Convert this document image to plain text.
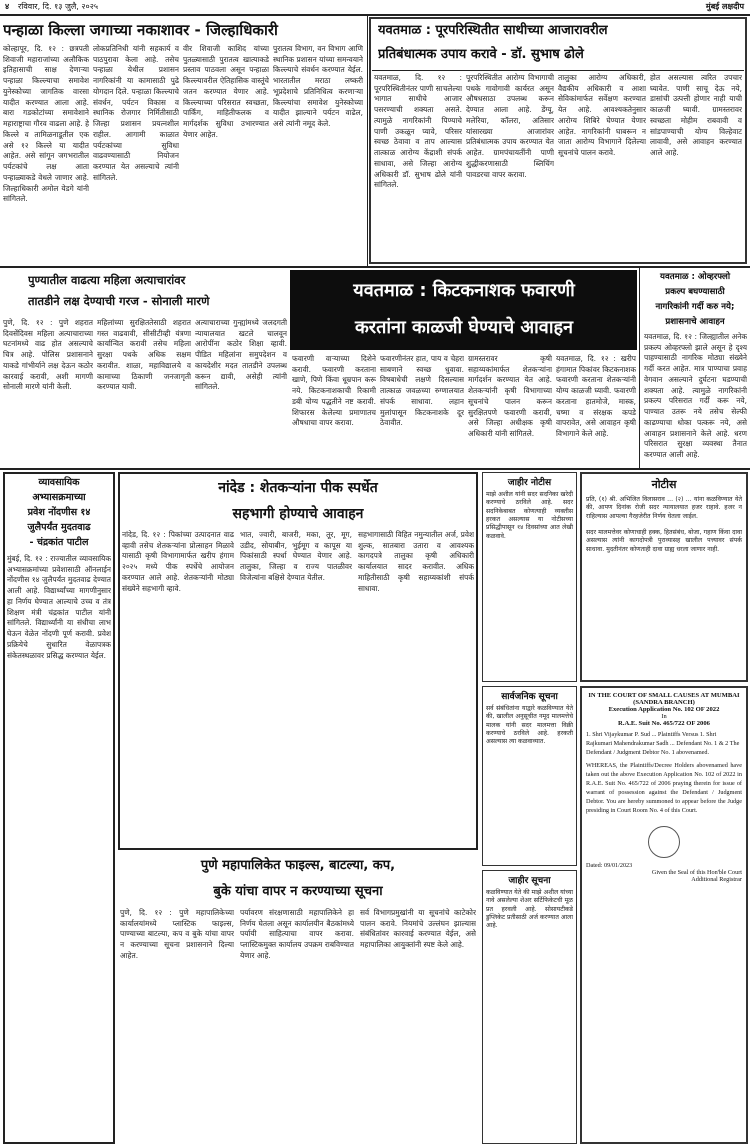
४ रविवार, दि. १३ जुलै, २०२५	मुंबई लक्षदीप
पन्हाळा किल्ला जगाच्या नकाशावर - जिल्हाधिकारी
कोल्हापूर, दि. १२ : छत्रपती शिवाजी महाराजांच्या अलौकिक इतिहासाची साक्ष देणाऱ्या पन्हाळा किल्ल्याचा समावेश युनेस्कोच्या जागतिक वारसा यादीत करण्यात आला आहे. बारा गडकोटांच्या समावेशाने महाराष्ट्राचा गौरव वाढला आहे. हे किल्ले व तामिळनाडूतील एक असे १२ किल्ले या यादीत आहेत. असे सांगून जगभरातील पर्यटकांचे लक्ष आता पन्हाळ्याकडे वेधले जाणार आहे. जिल्हाधिकारी अमोल येडगे यांनी सांगितले.
लोकप्रतिनिधी यांनी सहकार्य व पाठपुरावा केला आहे. तसेच पन्हाळा येथील प्रशासन नागरिकांनी या कामासाठी पुढे योगदान दिले. पन्हाळा किल्ल्याचे संवर्धन, पर्यटन विकास व स्थानिक रोजगार निर्मितीसाठी जिल्हा प्रशासन प्रयत्नशील राहील. आगामी काळात पर्यटकांच्या सुविधा वाढवण्यासाठी नियोजन करण्यात येत असल्याचे त्यांनी सांगितले.
वीर शिवाजी काशिद यांच्या पुतळ्यासाठी पुरातत्व खात्याकडे प्रस्ताव पाठवला असून पन्हाळा किल्ल्यावरील ऐतिहासिक वास्तूंचे जतन करण्यात येणार आहे. किल्ल्याच्या परिसरात स्वच्छता, पार्किंग, माहितीफलक व मार्गदर्शक सुविधा उभारण्यात येणार आहेत.
पुरातत्व विभाग, वन विभाग आणि स्थानिक प्रशासन यांच्या समन्वयाने किल्ल्याचे संवर्धन करण्यात येईल. भारतातील मराठा लष्करी भूप्रदेशाचे प्रतिनिधित्व करणाऱ्या किल्ल्यांचा समावेश युनेस्कोच्या यादीत झाल्याने पर्यटन वाढेल, असे त्यांनी नमूद केले.
यवतमाळ : पूरपरिस्थितीत साथीच्या आजारावरील
प्रतिबंधात्मक उपाय करावे - डॉ. सुभाष ढोले
यवतमाळ, दि. १२ : पूरपरिस्थितीनंतर पाणी साचलेल्या भागात साथीचे आजार पसरण्याची शक्यता असते. त्यामुळे नागरिकांनी पिण्याचे पाणी उकळून प्यावे, परिसर स्वच्छ ठेवावा व ताप आल्यास तात्काळ आरोग्य केंद्राशी संपर्क साधावा, असे जिल्हा आरोग्य अधिकारी डॉ. सुभाष ढोले यांनी सांगितले.
पूरपरिस्थितीत आरोग्य विभागाची पथके गावोगावी कार्यरत असून औषधसाठा उपलब्ध करून देण्यात आला आहे. डेंग्यू, मलेरिया, कॉलरा, अतिसार यांसारख्या आजारांवर प्रतिबंधात्मक उपाय करण्यात येत आहेत. ग्रामपंचायतींनी पाणी शुद्धीकरणासाठी ब्लिचिंग पावडरचा वापर करावा.
तालुका आरोग्य अधिकारी, वैद्यकीय अधिकारी व आशा सेविकांमार्फत सर्वेक्षण करण्यात येत आहे. आवश्यकतेनुसार आरोग्य शिबिरे घेण्यात येणार आहेत. नागरिकांनी घाबरून न जाता आरोग्य विभागाने दिलेल्या सूचनांचे पालन करावे.
होत असल्यास त्वरित उपचार घ्यावेत. पाणी साचू देऊ नये, डासांची उत्पत्ती होणार नाही याची काळजी घ्यावी. ग्रामस्तरावर स्वच्छता मोहीम राबवावी व सांडपाण्याची योग्य विल्हेवाट लावावी, असे आवाहन करण्यात आले आहे.
पुण्यातील वाढत्या महिला अत्याचारांवर
तातडीने लक्ष देण्याची गरज - सोनाली मारणे
पुणे, दि. १२ : पुणे शहरात दिवसेंदिवस महिला अत्याचाराच्या घटनांमध्ये वाढ होत असल्याचे चित्र आहे. पोलिस प्रशासनाने याकडे गांभीर्याने लक्ष देऊन कठोर कारवाई करावी, अशी मागणी सोनाली मारणे यांनी केली.
महिलांच्या सुरक्षिततेसाठी शहरात गस्त वाढवावी, सीसीटीव्ही यंत्रणा कार्यान्वित करावी तसेच महिला सुरक्षा पथके अधिक सक्षम करावीत. शाळा, महाविद्यालये व कामाच्या ठिकाणी जनजागृती करण्यात यावी.
अत्याचाराच्या गुन्ह्यांमध्ये जलदगती न्यायालयात खटले चालवून आरोपींना कठोर शिक्षा व्हावी. पीडित महिलांना समुपदेशन व कायदेशीर मदत तातडीने उपलब्ध करून द्यावी, असेही त्यांनी सांगितले.
यवतमाळ : किटकनाशक फवारणी
करतांना काळजी घेण्याचे आवाहन
फवारणी वाऱ्याच्या दिशेने करावी. फवारणी करताना खाणे, पिणे किंवा धूम्रपान करू नये. किटकनाशकाची रिकामी डबी योग्य पद्धतीने नष्ट करावी. शिफारस केलेल्या प्रमाणातच औषधाचा वापर करावा.
फवारणीनंतर हात, पाय व चेहरा साबणाने स्वच्छ धुवावा. विषबाधेची लक्षणे दिसल्यास तात्काळ जवळच्या रुग्णालयात संपर्क साधावा. लहान मुलांपासून किटकनाशके दूर ठेवावीत.
ग्रामस्तरावर कृषी सहाय्यकांमार्फत शेतकऱ्यांना मार्गदर्शन करण्यात येत आहे. शेतकऱ्यांनी कृषी विभागाच्या सूचनांचे पालन करून सुरक्षितपणे फवारणी करावी, असे जिल्हा अधीक्षक कृषी अधिकारी यांनी सांगितले.
यवतमाळ, दि. १२ : खरीप हंगामात पिकांवर किटकनाशक फवारणी करताना शेतकऱ्यांनी योग्य काळजी घ्यावी. फवारणी करताना हातमोजे, मास्क, चष्मा व संरक्षक कपडे वापरावेत, असे आवाहन कृषी विभागाने केले आहे.
यवतमाळ : ओव्हरफ्लो
प्रकल्प बघण्यासाठी
नागरिकांनी गर्दी करु नये;
प्रशासनाचे आवाहन
यवतमाळ, दि. १२ : जिल्ह्यातील अनेक प्रकल्प ओव्हरफ्लो झाले असून हे दृश्य पाहण्यासाठी नागरिक मोठ्या संख्येने गर्दी करत आहेत. मात्र पाण्याचा प्रवाह वेगवान असल्याने दुर्घटना घडण्याची शक्यता आहे. त्यामुळे नागरिकांनी प्रकल्प परिसरात गर्दी करू नये, पाण्यात उतरू नये तसेच सेल्फी काढण्याचा धोका पत्करू नये, असे आवाहन प्रशासनाने केले आहे. धरण परिसरात सुरक्षा व्यवस्था तैनात करण्यात आली आहे.
व्यावसायिक
अभ्यासक्रमाच्या
प्रवेश नोंदणीस १४
जुलैपर्यंत मुदतवाढ
- चंद्रकांत पाटील
मुंबई, दि. १२ : राज्यातील व्यावसायिक अभ्यासक्रमांच्या प्रवेशासाठी ऑनलाईन नोंदणीस १४ जुलैपर्यंत मुदतवाढ देण्यात आली आहे. विद्यार्थ्यांच्या मागणीनुसार हा निर्णय घेण्यात आल्याचे उच्च व तंत्र शिक्षण मंत्री चंद्रकांत पाटील यांनी सांगितले. विद्यार्थ्यांनी या संधीचा लाभ घेऊन वेळेत नोंदणी पूर्ण करावी. प्रवेश प्रक्रियेचे सुधारित वेळापत्रक संकेतस्थळावर प्रसिद्ध करण्यात येईल.
नांदेड : शेतकऱ्यांना पीक स्पर्धेत
सहभागी होण्याचे आवाहन
नांदेड, दि. १२ : पिकांच्या उत्पादनात वाढ व्हावी तसेच शेतकऱ्यांना प्रोत्साहन मिळावे यासाठी कृषी विभागामार्फत खरीप हंगाम २०२५ मध्ये पीक स्पर्धेचे आयोजन करण्यात आले आहे. शेतकऱ्यांनी मोठ्या संख्येने सहभागी व्हावे.
भात, ज्वारी, बाजरी, मका, तूर, मूग, उडीद, सोयाबीन, भुईमूग व कापूस या पिकांसाठी स्पर्धा घेण्यात येणार आहे. तालुका, जिल्हा व राज्य पातळीवर विजेत्यांना बक्षिसे देण्यात येतील.
सहभागासाठी विहित नमुन्यातील अर्ज, प्रवेश शुल्क, सातबारा उतारा व आवश्यक कागदपत्रे तालुका कृषी अधिकारी कार्यालयात सादर करावीत. अधिक माहितीसाठी कृषी सहाय्यकांशी संपर्क साधावा.
पुणे महापालिकेत फाइल्स, बाटल्या, कप,
बुके यांचा वापर न करण्याच्या सूचना
पुणे, दि. १२ : पुणे महापालिकेच्या कार्यालयांमध्ये प्लास्टिक फाइल्स, पाण्याच्या बाटल्या, कप व बुके यांचा वापर न करण्याच्या सूचना प्रशासनाने दिल्या आहेत.
पर्यावरण संरक्षणासाठी महापालिकेने हा निर्णय घेतला असून कार्यालयीन बैठकांमध्ये पर्यायी साहित्याचा वापर करावा. प्लास्टिकमुक्त कार्यालय उपक्रम राबविण्यात येणार आहे.
सर्व विभागप्रमुखांनी या सूचनांचे काटेकोर पालन करावे. नियमांचे उल्लंघन झाल्यास संबंधितांवर कारवाई करण्यात येईल, असे महापालिका आयुक्तांनी स्पष्ट केले आहे.
जाहीर नोटीस
माझे अशील यांनी सदर सदनिका खरेदी करण्याचे ठरविले आहे. सदर सदनिकेबाबत कोणत्याही व्यक्तीस हरकत असल्यास या नोटीसच्या प्रसिद्धीपासून १४ दिवसांच्या आत लेखी कळवावे.
सार्वजनिक सूचना
सर्व संबंधितांना याद्वारे कळविण्यात येते की, खालील अनुसूचीत नमूद मालमत्तेचे मालक यांनी सदर मालमत्ता विक्री करण्याचे ठरविले आहे. हरकती असल्यास त्या कळवाव्यात.
जाहीर सूचना
कळविण्यात येते की माझे अशील यांच्या नावे असलेल्या शेअर सर्टिफिकेटची मूळ प्रत हरवली आहे. सोसायटीकडे डुप्लिकेट प्रतीसाठी अर्ज करण्यात आला आहे.
नोटीस
प्रति, (१) श्री. अभिजित विलासराव ... (२) ... यांना कळविण्यात येते की, आपण दिनांक रोजी सदर न्यायालयात हजर राहावे. हजर न राहिल्यास आपल्या गैरहजेरीत निर्णय घेतला जाईल.
सदर मालमत्तेवर कोणाचाही हक्क, हितसंबंध, बोजा, गहाण किंवा दावा असल्यास त्यांनी कागदोपत्री पुराव्यासह खालील पत्त्यावर संपर्क साधावा. मुदतीनंतर कोणताही दावा ग्राह्य धरला जाणार नाही.
IN THE COURT OF SMALL CAUSES AT MUMBAI
(SANDRA BRANCH)
Execution Application No. 102 OF 2022
In
R.A.E. Suit No. 465/722 OF 2006
1. Shri Vijaykumar P. Sud ... Plaintiffs Versus 1. Shri Rajkumari Mahendrakumar Sadh ... Defendant No. 1 & 2 The Defendant / Judgment Debtor No. 1 abovenamed.
WHEREAS, the Plaintiffs/Decree Holders abovenamed have taken out the above Execution Application No. 102 of 2022 in R.A.E. Suit No. 465/722 of 2006 praying therein for issue of warrant of possession against the Defendant / Judgment Debtor. You are hereby summoned to appear before the Judge presiding in Court Room No. 4 of this Court.
Dated: 09/01/2023
Given the Seal of this Hon'ble Court
Additional Registrar
